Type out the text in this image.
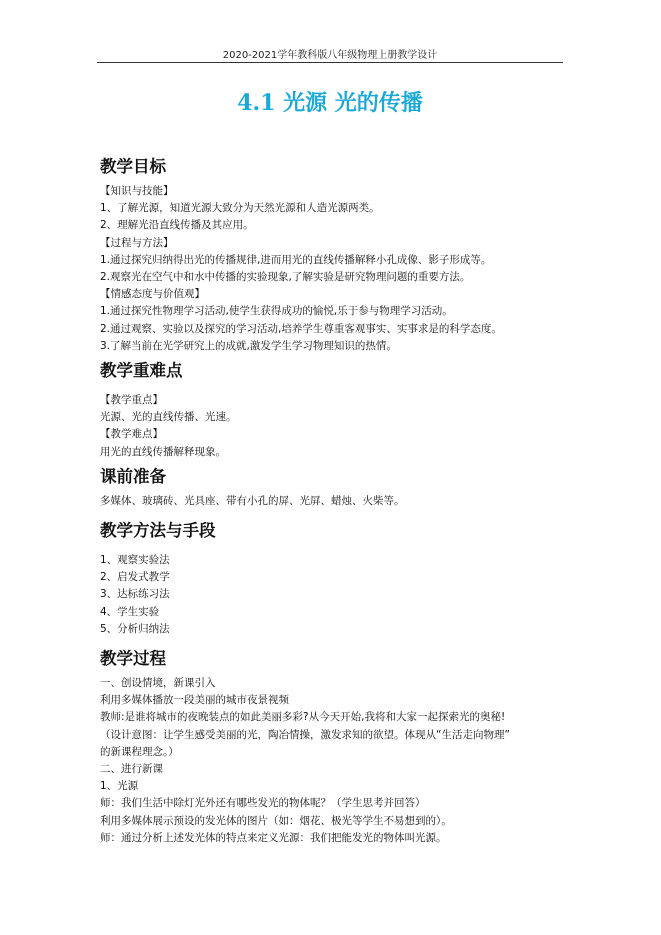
2020-2021学年教科版八年级物理上册教学设计
4.1 光源 光的传播
教学目标

【知识与技能】

1、了解光源，知道光源大致分为天然光源和人造光源两类。

2、理解光沿直线传播及其应用。

【过程与方法】

1.通过探究归纳得出光的传播规律,进而用光的直线传播解释小孔成像、影子形成等。

2.观察光在空气中和水中传播的实验现象,了解实验是研究物理问题的重要方法。

【情感态度与价值观】

1.通过探究性物理学习活动,使学生获得成功的愉悦,乐于参与物理学习活动。

2.通过观察、实验以及探究的学习活动,培养学生尊重客观事实、实事求是的科学态度。

3.了解当前在光学研究上的成就,激发学生学习物理知识的热情。

教学重难点

【教学重点】

光源、光的直线传播、光速。

【教学难点】

用光的直线传播解释现象。

课前准备

多媒体、玻璃砖、光具座、带有小孔的屏、光屏、蜡烛、火柴等。

教学方法与手段

1、观察实验法

2、启发式教学

3、达标练习法

4、学生实验

5、分析归纳法

教学过程

一、创设情境，新课引入

利用多媒体播放一段美丽的城市夜景视频

教师:是谁将城市的夜晚装点的如此美丽多彩?从今天开始,我将和大家一起探索光的奥秘!

（设计意图：让学生感受美丽的光，陶冶情操，激发求知的欲望。体现从“生活走向物理”

的新课程理念。）

二、进行新课

1、光源

师：我们生活中除灯光外还有哪些发光的物体呢？（学生思考并回答）

利用多媒体展示预设的发光体的图片（如：烟花、极光等学生不易想到的）。

师：通过分析上述发光体的特点来定义光源：我们把能发光的物体叫光源。
